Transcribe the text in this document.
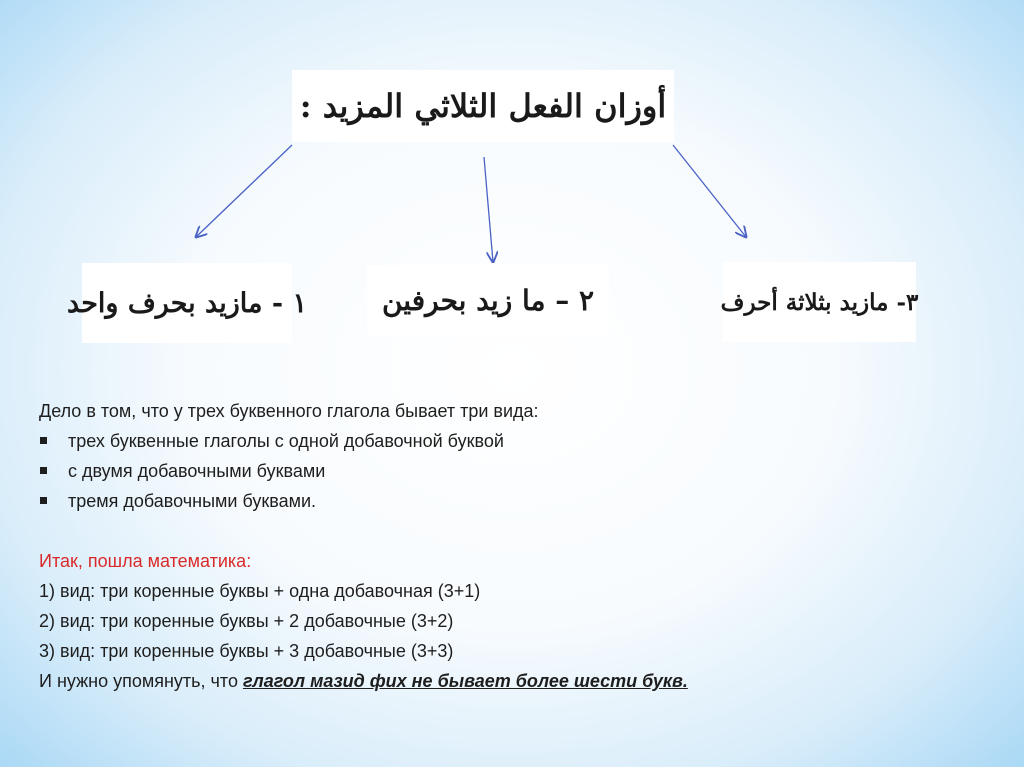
أوزان الفعل الثلاثي المزيد :
١ - مازيد بحرف واحد	٢ – ما زيد بحرفين	٣- مازيد بثلاثة أحرف

Дело в том, что у трех буквенного глагола бывает три вида:

трех буквенные глаголы с одной добавочной буквой
с двумя добавочными буквами
тремя добавочными буквами.

Итак, пошла математика:

1) вид: три коренные буквы + одна добавочная (3+1)

2) вид: три коренные буквы + 2 добавочные (3+2)

3) вид: три коренные буквы + 3 добавочные (3+3)

И нужно упомянуть, что глагол мазид фих не бывает более шести букв.
